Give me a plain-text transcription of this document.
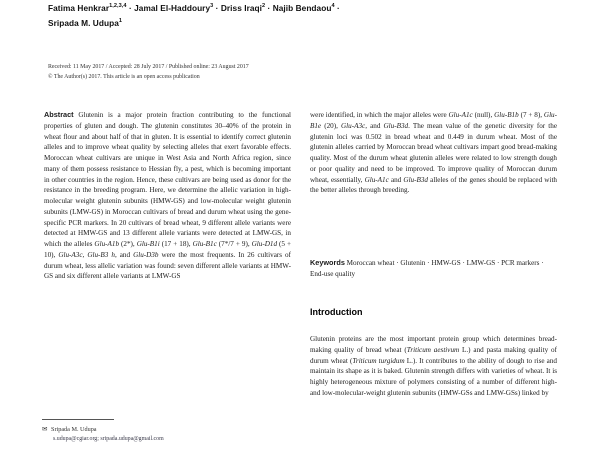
Fatima Henkrar$^{1,2,3,4}$ · Jamal El-Haddoury$^3$ · Driss Iraqi$^2$ · Najib Bendaou$^4$ ·
Sripada M. Udupa$^1$
Received: 11 May 2017 / Accepted: 28 July 2017 / Published online: 23 August 2017
© The Author(s) 2017. This article is an open access publication

Abstract Glutenin is a major protein fraction contributing to the functional properties of gluten and dough. The glutenin constitutes 30–40% of the protein in wheat flour and about half of that in gluten. It is essential to identify correct glutenin alleles and to improve wheat quality by selecting alleles that exert favorable effects. Moroccan wheat cultivars are unique in West Asia and North Africa region, since many of them possess resistance to Hessian fly, a pest, which is becoming important in other countries in the region. Hence, these cultivars are being used as donor for the resistance in the breeding program. Here, we determine the allelic variation in high-molecular weight glutenin subunits (HMW-GS) and low-molecular weight glutenin subunits (LMW-GS) in Moroccan cultivars of bread and durum wheat using the gene-specific PCR markers. In 20 cultivars of bread wheat, 9 different allele variants were detected at HMW-GS and 13 different allele variants were detected at LMW-GS, in which the alleles Glu-A1b (2*), Glu-B1i (17 + 18), Glu-B1c (7*/7 + 9), Glu-D1d (5 + 10), Glu-A3c, Glu-B3 h, and Glu-D3b were the most frequents. In 26 cultivars of durum wheat, less allelic variation was found: seven different allele variants at HMW-GS and six different allele variants at LMW-GS

were identified, in which the major alleles were Glu-A1c (null), Glu-B1b (7 + 8), Glu-B1e (20), Glu-A3c, and Glu-B3d. The mean value of the genetic diversity for the glutenin loci was 0.502 in bread wheat and 0.449 in durum wheat. Most of the glutenin alleles carried by Moroccan bread wheat cultivars impart good bread-making quality. Most of the durum wheat glutenin alleles were related to low strength dough or poor quality and need to be improved. To improve quality of Moroccan durum wheat, essentially, Glu-A1c and Glu-B3d alleles of the genes should be replaced with the better alleles through breeding.

Keywords Moroccan wheat · Glutenin · HMW-GS · LMW-GS · PCR markers · End-use quality
Introduction
Glutenin proteins are the most important protein group which determines bread-making quality of bread wheat (Triticum aestivum L.) and pasta making quality of durum wheat (Triticum turgidum L.). It contributes to the ability of dough to rise and maintain its shape as it is baked. Glutenin strength differs with varieties of wheat. It is highly heterogeneous mixture of polymers consisting of a number of different high- and low-molecular-weight glutenin subunits (HMW-GSs and LMW-GSs) linked by
✉ Sripada M. Udupa
s.udupa@cgiar.org; sripada.udupa@gmail.com
